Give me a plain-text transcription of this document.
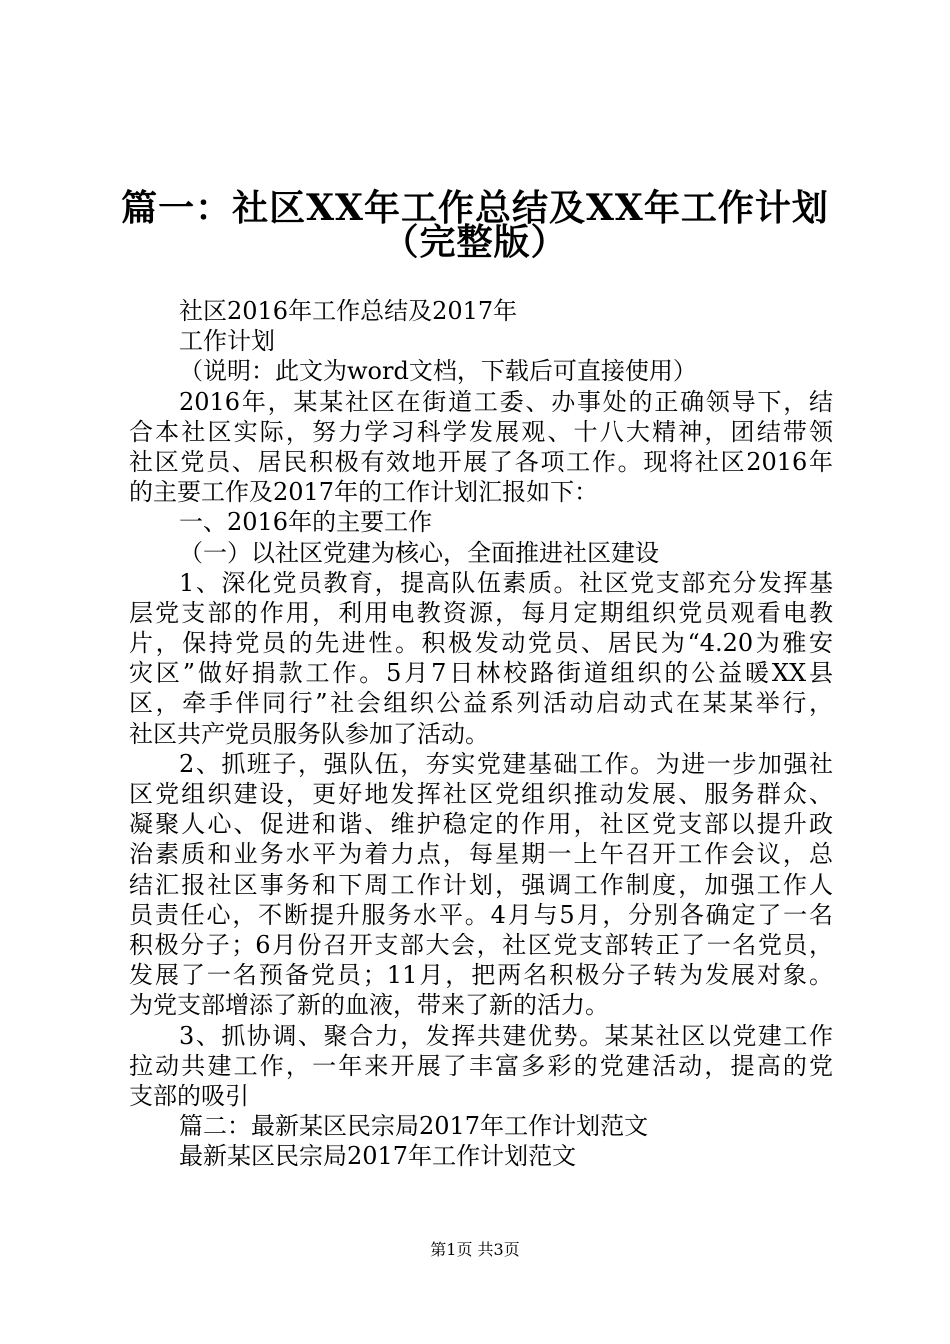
篇一：社区XX年工作总结及XX年工作计划
（完整版）
社区2016年工作总结及2017年
工作计划
（说明：此文为word文档，下载后可直接使用）
2016年，某某社区在街道工委、办事处的正确领导下，结
合本社区实际，努力学习科学发展观、十八大精神，团结带领
社区党员、居民积极有效地开展了各项工作。现将社区2016年
的主要工作及2017年的工作计划汇报如下：
一、2016年的主要工作
（一）以社区党建为核心，全面推进社区建设
1、深化党员教育，提高队伍素质。社区党支部充分发挥基
层党支部的作用，利用电教资源，每月定期组织党员观看电教
片，保持党员的先进性。积极发动党员、居民为“4.20为雅安
灾区”做好捐款工作。5月7日林校路街道组织的公益暖XX县
区，牵手伴同行”社会组织公益系列活动启动式在某某举行，
社区共产党员服务队参加了活动。
2、抓班子，强队伍，夯实党建基础工作。为进一步加强社
区党组织建设，更好地发挥社区党组织推动发展、服务群众、
凝聚人心、促进和谐、维护稳定的作用，社区党支部以提升政
治素质和业务水平为着力点，每星期一上午召开工作会议，总
结汇报社区事务和下周工作计划，强调工作制度，加强工作人
员责任心，不断提升服务水平。4月与5月，分别各确定了一名
积极分子；6月份召开支部大会，社区党支部转正了一名党员，
发展了一名预备党员；11月，把两名积极分子转为发展对象。
为党支部增添了新的血液，带来了新的活力。
3、抓协调、聚合力，发挥共建优势。某某社区以党建工作
拉动共建工作，一年来开展了丰富多彩的党建活动，提高的党
支部的吸引
篇二：最新某区民宗局2017年工作计划范文
最新某区民宗局2017年工作计划范文
第1页 共3页
